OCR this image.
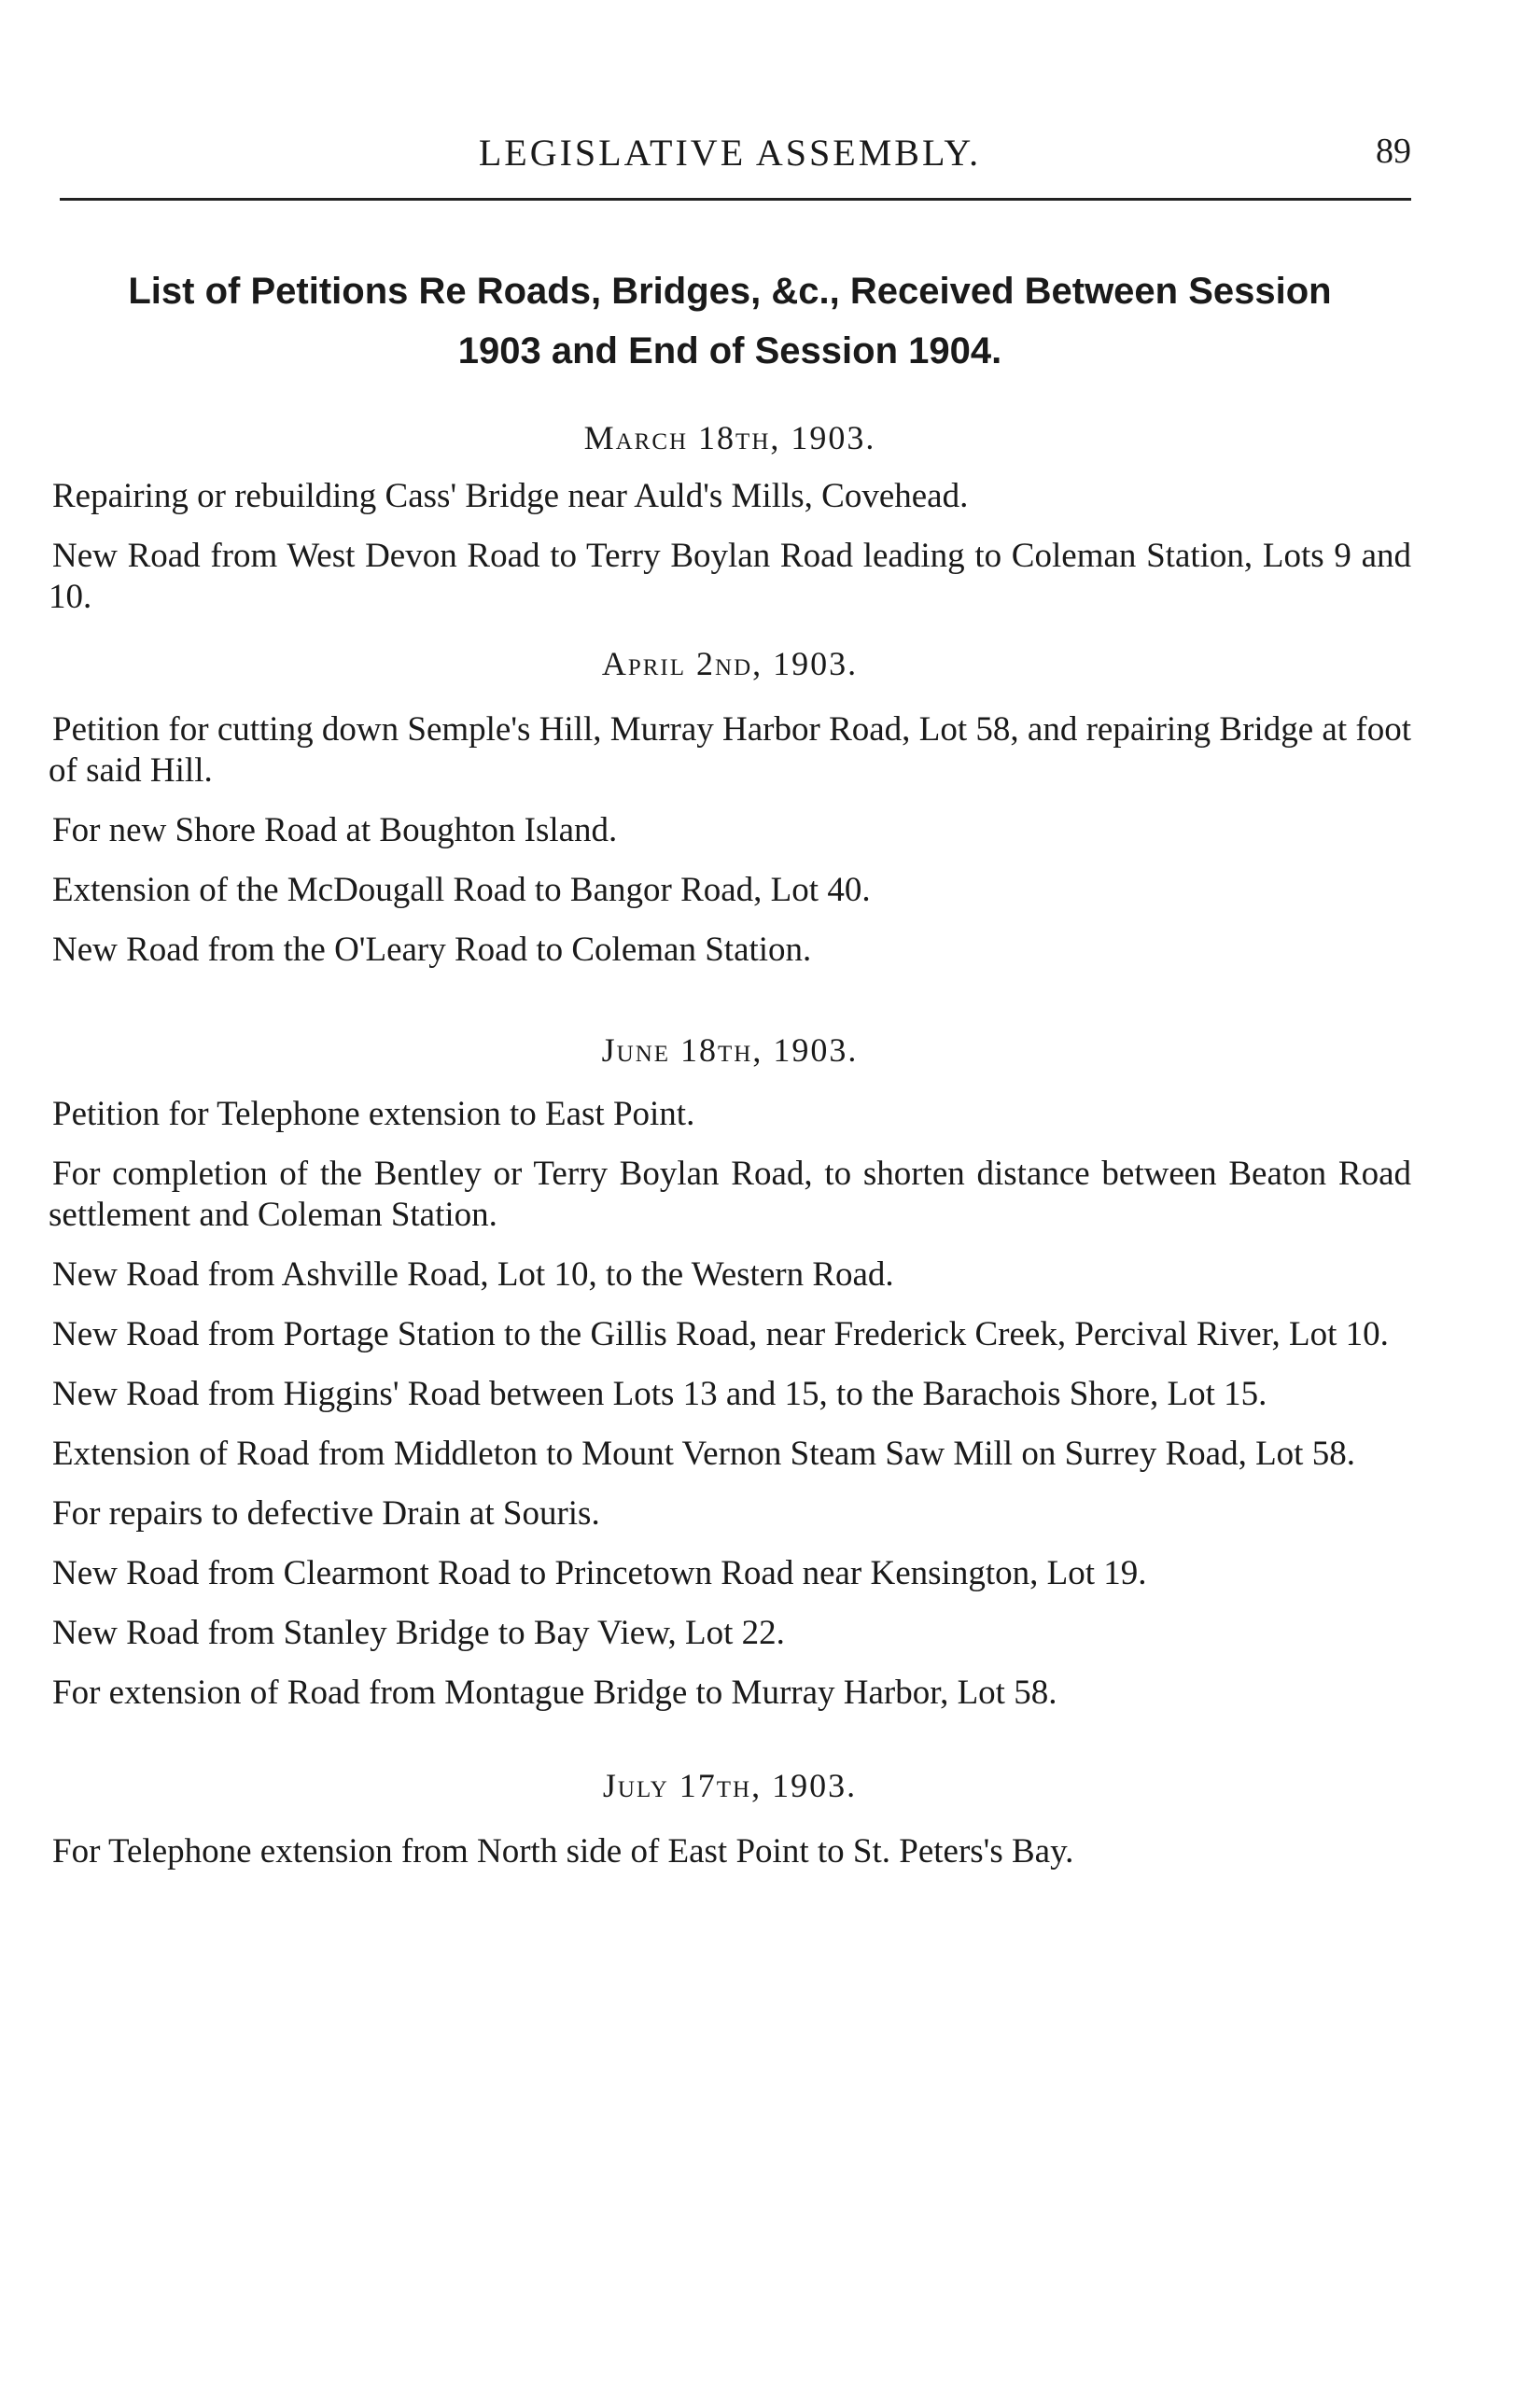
LEGISLATIVE ASSEMBLY.	89
List of Petitions Re Roads, Bridges, &c., Received Between Session
1903 and End of Session 1904.

March 18th, 1903.

Repairing or rebuilding Cass' Bridge near Auld's Mills, Covehead.

New Road from West Devon Road to Terry Boylan Road leading to Coleman Station, Lots 9 and 10.

April 2nd, 1903.

Petition for cutting down Semple's Hill, Murray Harbor Road, Lot 58, and repairing Bridge at foot of said Hill.

For new Shore Road at Boughton Island.

Extension of the McDougall Road to Bangor Road, Lot 40.

New Road from the O'Leary Road to Coleman Station.

June 18th, 1903.

Petition for Telephone extension to East Point.

For completion of the Bentley or Terry Boylan Road, to shorten distance between Beaton Road settlement and Coleman Station.

New Road from Ashville Road, Lot 10, to the Western Road.

New Road from Portage Station to the Gillis Road, near Frederick Creek, Percival River, Lot 10.

New Road from Higgins' Road between Lots 13 and 15, to the Barachois Shore, Lot 15.

Extension of Road from Middleton to Mount Vernon Steam Saw Mill on Surrey Road, Lot 58.

For repairs to defective Drain at Souris.

New Road from Clearmont Road to Princetown Road near Kensington, Lot 19.

New Road from Stanley Bridge to Bay View, Lot 22.

For extension of Road from Montague Bridge to Murray Harbor, Lot 58.

July 17th, 1903.

For Telephone extension from North side of East Point to St. Peters's Bay.
